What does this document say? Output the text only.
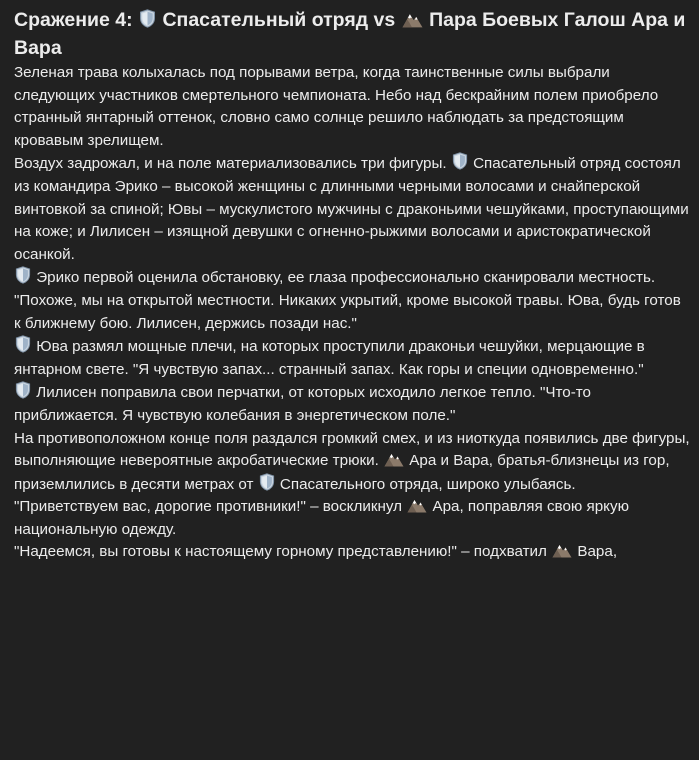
Сражение 4: Спасательный отряд vs Пара Боевых Галош Ара и Вара

Зеленая трава колыхалась под порывами ветра, когда таинственные силы выбрали следующих участников смертельного чемпионата. Небо над бескрайним полем приобрело странный янтарный оттенок, словно само солнце решило наблюдать за предстоящим кровавым зрелищем.

Воздух задрожал, и на поле материализовались три фигуры. Спасательный отряд состоял из командира Эрико – высокой женщины с длинными черными волосами и снайперской винтовкой за спиной; Ювы – мускулистого мужчины с драконьими чешуйками, проступающими на коже; и Лилисен – изящной девушки с огненно-рыжими волосами и аристократической осанкой.

Эрико первой оценила обстановку, ее глаза профессионально сканировали местность. "Похоже, мы на открытой местности. Никаких укрытий, кроме высокой травы. Юва, будь готов к ближнему бою. Лилисен, держись позади нас."

Юва размял мощные плечи, на которых проступили драконьи чешуйки, мерцающие в янтарном свете. "Я чувствую запах... странный запах. Как горы и специи одновременно."

Лилисен поправила свои перчатки, от которых исходило легкое тепло. "Что-то приближается. Я чувствую колебания в энергетическом поле."

На противоположном конце поля раздался громкий смех, и из ниоткуда появились две фигуры, выполняющие невероятные акробатические трюки. Ара и Вара, братья-близнецы из гор, приземлились в десяти метрах от Спасательного отряда, широко улыбаясь.

"Приветствуем вас, дорогие противники!" – воскликнул Ара, поправляя свою яркую национальную одежду.

"Надеемся, вы готовы к настоящему горному представлению!" – подхватил Вара,
